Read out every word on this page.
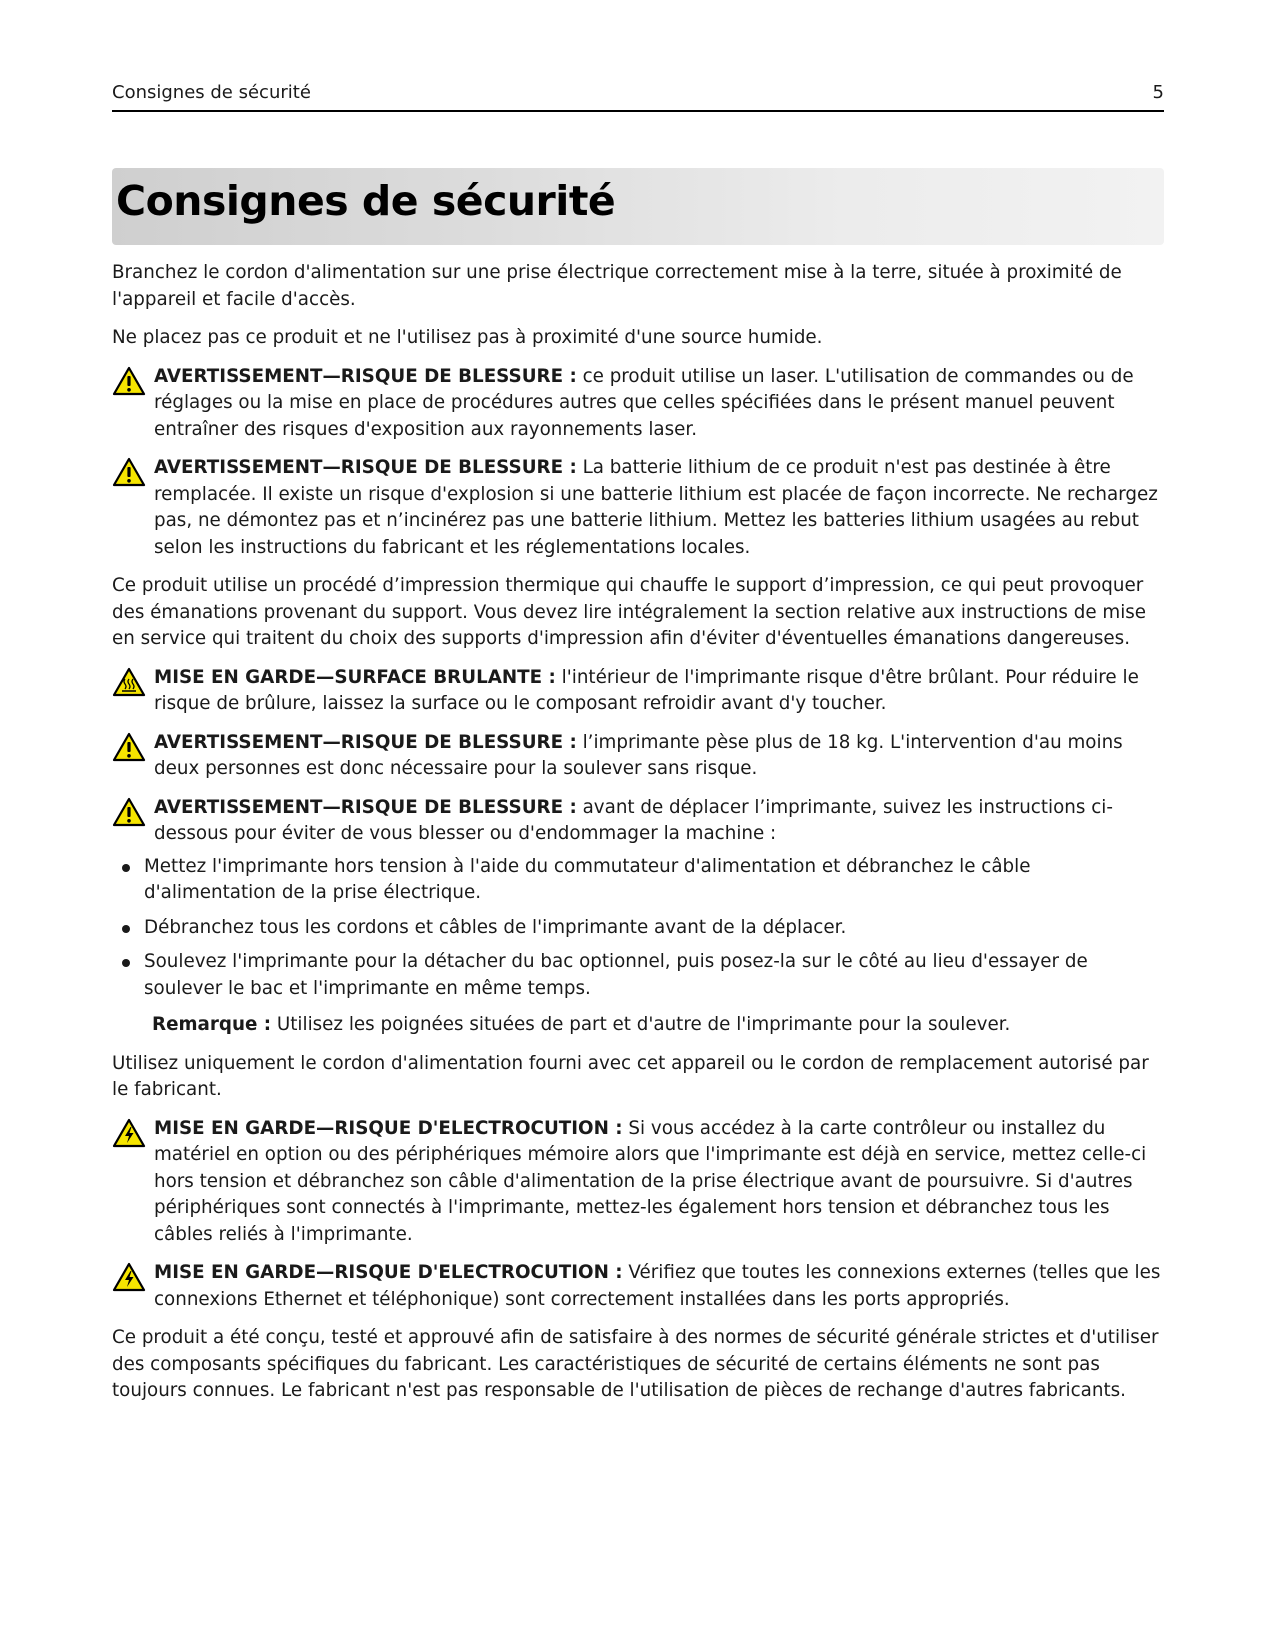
Consignes de sécurité	5
Consignes de sécurité

Branchez le cordon d'alimentation sur une prise électrique correctement mise à la terre, située à proximité de l'appareil et facile d'accès.

Ne placez pas ce produit et ne l'utilisez pas à proximité d'une source humide.

AVERTISSEMENT—RISQUE DE BLESSURE : ce produit utilise un laser. L'utilisation de commandes ou de réglages ou la mise en place de procédures autres que celles spécifiées dans le présent manuel peuvent entraîner des risques d'exposition aux rayonnements laser.
AVERTISSEMENT—RISQUE DE BLESSURE : La batterie lithium de ce produit n'est pas destinée à être remplacée. Il existe un risque d'explosion si une batterie lithium est placée de façon incorrecte. Ne rechargez pas, ne démontez pas et n’incinérez pas une batterie lithium. Mettez les batteries lithium usagées au rebut selon les instructions du fabricant et les réglementations locales.

Ce produit utilise un procédé d’impression thermique qui chauffe le support d’impression, ce qui peut provoquer des émanations provenant du support. Vous devez lire intégralement la section relative aux instructions de mise en service qui traitent du choix des supports d'impression afin d'éviter d'éventuelles émanations dangereuses.

MISE EN GARDE—SURFACE BRULANTE : l'intérieur de l'imprimante risque d'être brûlant. Pour réduire le risque de brûlure, laissez la surface ou le composant refroidir avant d'y toucher.
AVERTISSEMENT—RISQUE DE BLESSURE : l’imprimante pèse plus de 18 kg. L'intervention d'au moins deux personnes est donc nécessaire pour la soulever sans risque.
AVERTISSEMENT—RISQUE DE BLESSURE : avant de déplacer l’imprimante, suivez les instructions ci-dessous pour éviter de vous blesser ou d'endommager la machine :
Mettez l'imprimante hors tension à l'aide du commutateur d'alimentation et débranchez le câble d'alimentation de la prise électrique.
Débranchez tous les cordons et câbles de l'imprimante avant de la déplacer.
Soulevez l'imprimante pour la détacher du bac optionnel, puis posez-la sur le côté au lieu d'essayer de soulever le bac et l'imprimante en même temps.
Remarque : Utilisez les poignées situées de part et d'autre de l'imprimante pour la soulever.

Utilisez uniquement le cordon d'alimentation fourni avec cet appareil ou le cordon de remplacement autorisé par le fabricant.

MISE EN GARDE—RISQUE D'ELECTROCUTION : Si vous accédez à la carte contrôleur ou installez du matériel en option ou des périphériques mémoire alors que l'imprimante est déjà en service, mettez celle-ci hors tension et débranchez son câble d'alimentation de la prise électrique avant de poursuivre. Si d'autres périphériques sont connectés à l'imprimante, mettez-les également hors tension et débranchez tous les câbles reliés à l'imprimante.
MISE EN GARDE—RISQUE D'ELECTROCUTION : Vérifiez que toutes les connexions externes (telles que les connexions Ethernet et téléphonique) sont correctement installées dans les ports appropriés.

Ce produit a été conçu, testé et approuvé afin de satisfaire à des normes de sécurité générale strictes et d'utiliser des composants spécifiques du fabricant. Les caractéristiques de sécurité de certains éléments ne sont pas toujours connues. Le fabricant n'est pas responsable de l'utilisation de pièces de rechange d'autres fabricants.
